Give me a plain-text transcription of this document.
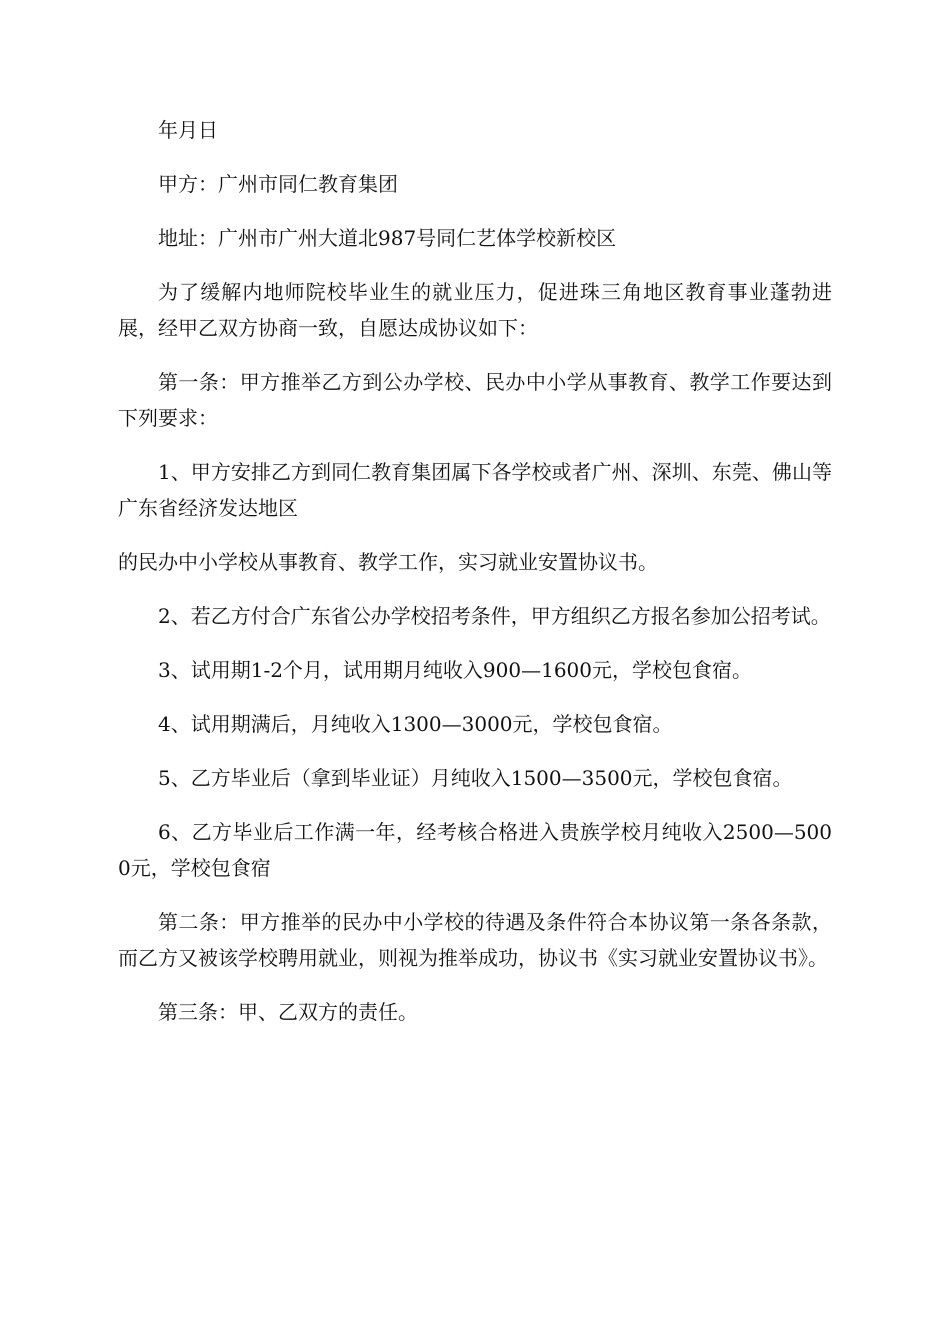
年月日

甲方：广州市同仁教育集团

地址：广州市广州大道北987号同仁艺体学校新校区

为了缓解内地师院校毕业生的就业压力，促进珠三角地区教育事业蓬勃进展，经甲乙双方协商一致，自愿达成协议如下：

第一条：甲方推举乙方到公办学校、民办中小学从事教育、教学工作要达到下列要求：

1、甲方安排乙方到同仁教育集团属下各学校或者广州、深圳、东莞、佛山等广东省经济发达地区

的民办中小学校从事教育、教学工作，实习就业安置协议书。

2、若乙方付合广东省公办学校招考条件，甲方组织乙方报名参加公招考试。

3、试用期1-2个月，试用期月纯收入900—1600元，学校包食宿。

4、试用期满后，月纯收入1300—3000元，学校包食宿。

5、乙方毕业后（拿到毕业证）月纯收入1500—3500元，学校包食宿。

6、乙方毕业后工作满一年，经考核合格进入贵族学校月纯收入2500—5000元，学校包食宿

第二条：甲方推举的民办中小学校的待遇及条件符合本协议第一条各条款，而乙方又被该学校聘用就业，则视为推举成功，协议书《实习就业安置协议书》。

第三条：甲、乙双方的责任。
